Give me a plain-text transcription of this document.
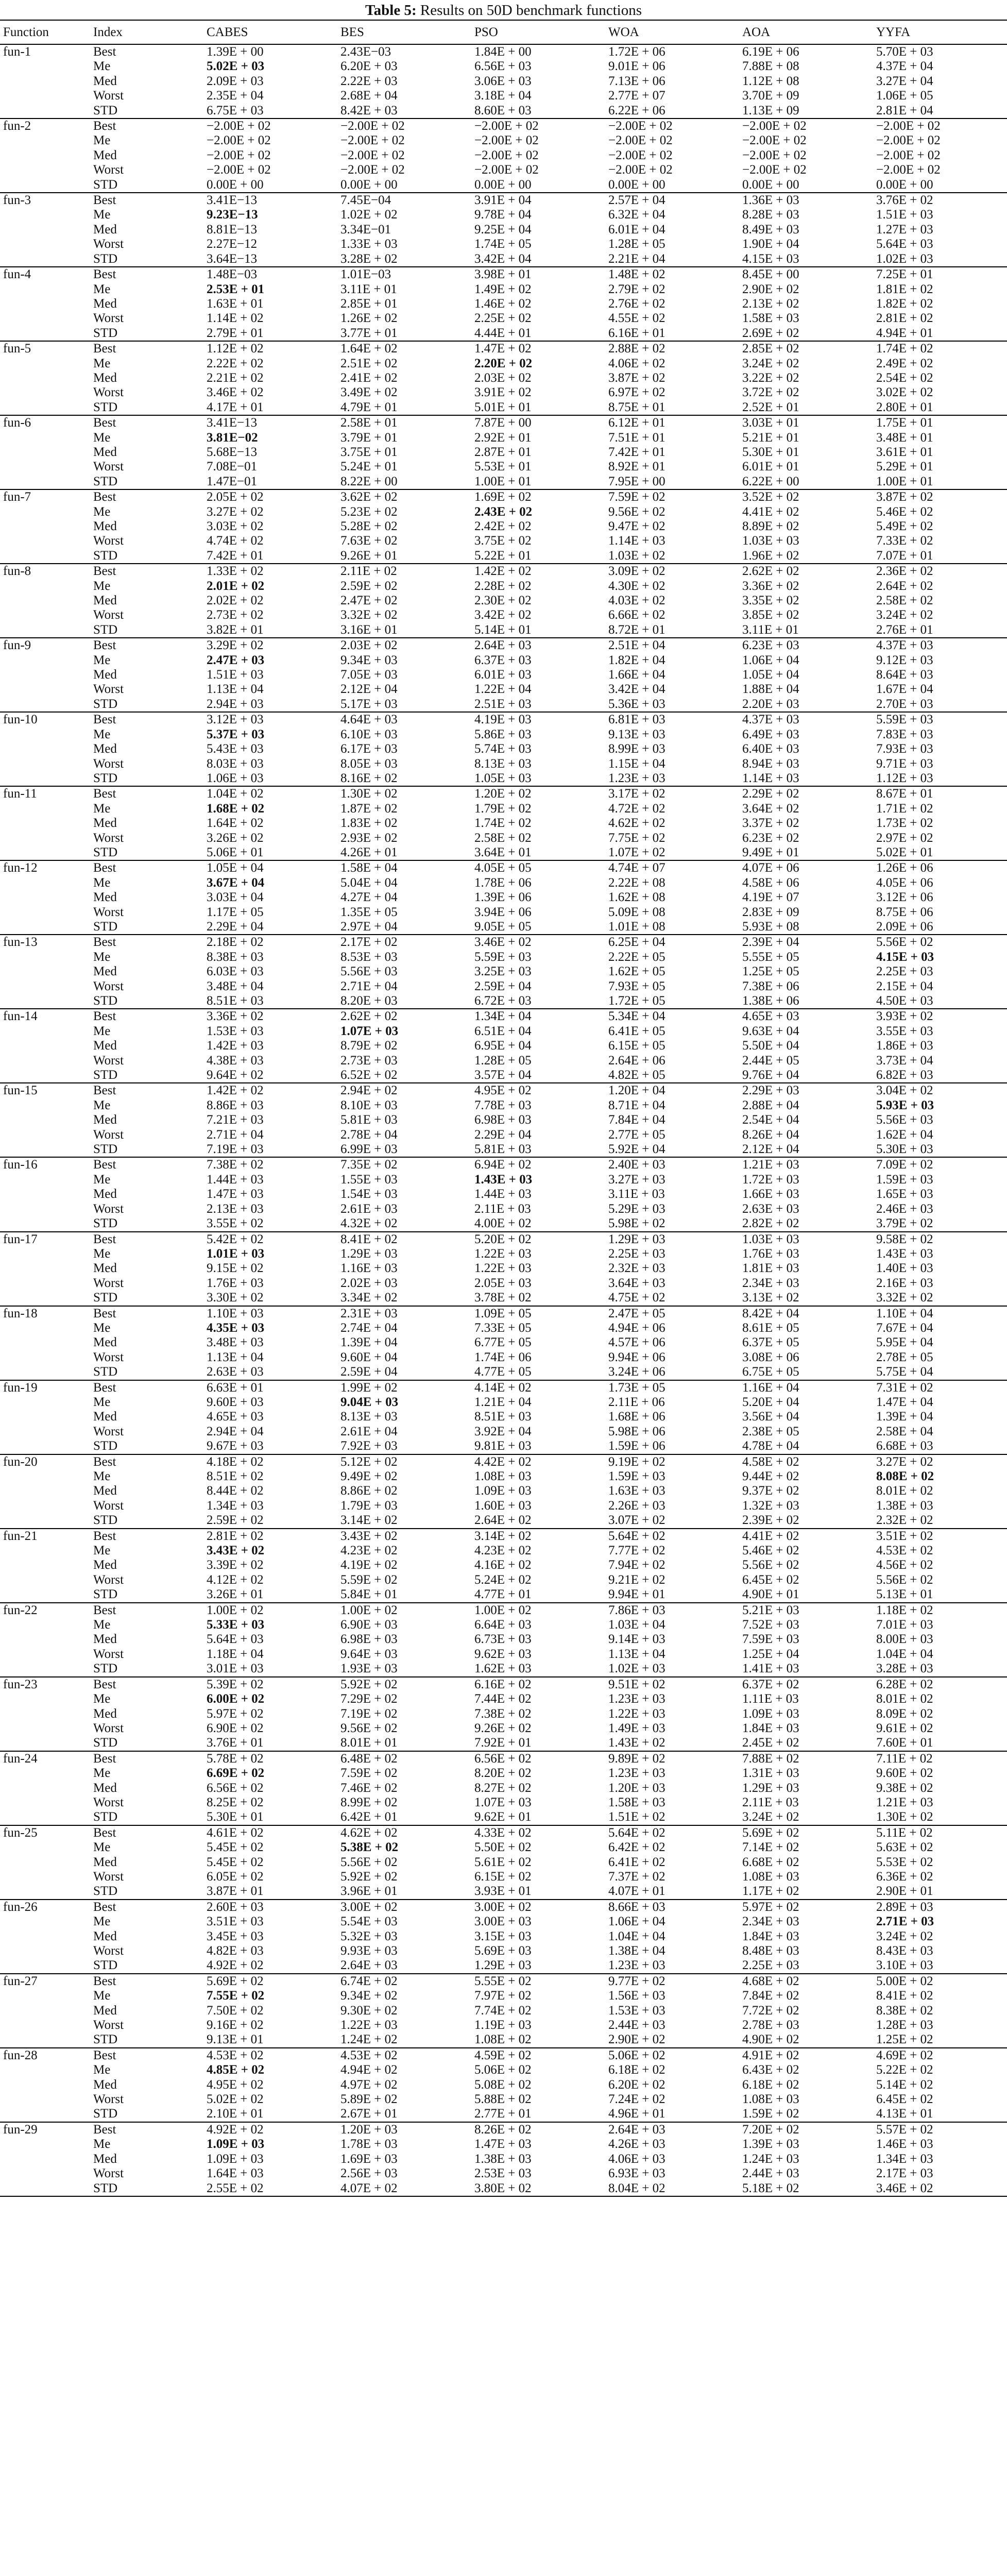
Table 5: Results on 50D benchmark functions
Function	Index	CABES	BES	PSO	WOA	AOA	YYFA
fun-1	Best	1.39E + 00	2.43E−03	1.84E + 00	1.72E + 06	6.19E + 06	5.70E + 03
	Me	5.02E + 03	6.20E + 03	6.56E + 03	9.01E + 06	7.88E + 08	4.37E + 04
	Med	2.09E + 03	2.22E + 03	3.06E + 03	7.13E + 06	1.12E + 08	3.27E + 04
	Worst	2.35E + 04	2.68E + 04	3.18E + 04	2.77E + 07	3.70E + 09	1.06E + 05
	STD	6.75E + 03	8.42E + 03	8.60E + 03	6.22E + 06	1.13E + 09	2.81E + 04
fun-2	Best	−2.00E + 02	−2.00E + 02	−2.00E + 02	−2.00E + 02	−2.00E + 02	−2.00E + 02
	Me	−2.00E + 02	−2.00E + 02	−2.00E + 02	−2.00E + 02	−2.00E + 02	−2.00E + 02
	Med	−2.00E + 02	−2.00E + 02	−2.00E + 02	−2.00E + 02	−2.00E + 02	−2.00E + 02
	Worst	−2.00E + 02	−2.00E + 02	−2.00E + 02	−2.00E + 02	−2.00E + 02	−2.00E + 02
	STD	0.00E + 00	0.00E + 00	0.00E + 00	0.00E + 00	0.00E + 00	0.00E + 00
fun-3	Best	3.41E−13	7.45E−04	3.91E + 04	2.57E + 04	1.36E + 03	3.76E + 02
	Me	9.23E−13	1.02E + 02	9.78E + 04	6.32E + 04	8.28E + 03	1.51E + 03
	Med	8.81E−13	3.34E−01	9.25E + 04	6.01E + 04	8.49E + 03	1.27E + 03
	Worst	2.27E−12	1.33E + 03	1.74E + 05	1.28E + 05	1.90E + 04	5.64E + 03
	STD	3.64E−13	3.28E + 02	3.42E + 04	2.21E + 04	4.15E + 03	1.02E + 03
fun-4	Best	1.48E−03	1.01E−03	3.98E + 01	1.48E + 02	8.45E + 00	7.25E + 01
	Me	2.53E + 01	3.11E + 01	1.49E + 02	2.79E + 02	2.90E + 02	1.81E + 02
	Med	1.63E + 01	2.85E + 01	1.46E + 02	2.76E + 02	2.13E + 02	1.82E + 02
	Worst	1.14E + 02	1.26E + 02	2.25E + 02	4.55E + 02	1.58E + 03	2.81E + 02
	STD	2.79E + 01	3.77E + 01	4.44E + 01	6.16E + 01	2.69E + 02	4.94E + 01
fun-5	Best	1.12E + 02	1.64E + 02	1.47E + 02	2.88E + 02	2.85E + 02	1.74E + 02
	Me	2.22E + 02	2.51E + 02	2.20E + 02	4.06E + 02	3.24E + 02	2.49E + 02
	Med	2.21E + 02	2.41E + 02	2.03E + 02	3.87E + 02	3.22E + 02	2.54E + 02
	Worst	3.46E + 02	3.49E + 02	3.91E + 02	6.97E + 02	3.72E + 02	3.02E + 02
	STD	4.17E + 01	4.79E + 01	5.01E + 01	8.75E + 01	2.52E + 01	2.80E + 01
fun-6	Best	3.41E−13	2.58E + 01	7.87E + 00	6.12E + 01	3.03E + 01	1.75E + 01
	Me	3.81E−02	3.79E + 01	2.92E + 01	7.51E + 01	5.21E + 01	3.48E + 01
	Med	5.68E−13	3.75E + 01	2.87E + 01	7.42E + 01	5.30E + 01	3.61E + 01
	Worst	7.08E−01	5.24E + 01	5.53E + 01	8.92E + 01	6.01E + 01	5.29E + 01
	STD	1.47E−01	8.22E + 00	1.00E + 01	7.95E + 00	6.22E + 00	1.00E + 01
fun-7	Best	2.05E + 02	3.62E + 02	1.69E + 02	7.59E + 02	3.52E + 02	3.87E + 02
	Me	3.27E + 02	5.23E + 02	2.43E + 02	9.56E + 02	4.41E + 02	5.46E + 02
	Med	3.03E + 02	5.28E + 02	2.42E + 02	9.47E + 02	8.89E + 02	5.49E + 02
	Worst	4.74E + 02	7.63E + 02	3.75E + 02	1.14E + 03	1.03E + 03	7.33E + 02
	STD	7.42E + 01	9.26E + 01	5.22E + 01	1.03E + 02	1.96E + 02	7.07E + 01
fun-8	Best	1.33E + 02	2.11E + 02	1.42E + 02	3.09E + 02	2.62E + 02	2.36E + 02
	Me	2.01E + 02	2.59E + 02	2.28E + 02	4.30E + 02	3.36E + 02	2.64E + 02
	Med	2.02E + 02	2.47E + 02	2.30E + 02	4.03E + 02	3.35E + 02	2.58E + 02
	Worst	2.73E + 02	3.32E + 02	3.42E + 02	6.66E + 02	3.85E + 02	3.24E + 02
	STD	3.82E + 01	3.16E + 01	5.14E + 01	8.72E + 01	3.11E + 01	2.76E + 01
fun-9	Best	3.29E + 02	2.03E + 02	2.64E + 03	2.51E + 04	6.23E + 03	4.37E + 03
	Me	2.47E + 03	9.34E + 03	6.37E + 03	1.82E + 04	1.06E + 04	9.12E + 03
	Med	1.51E + 03	7.05E + 03	6.01E + 03	1.66E + 04	1.05E + 04	8.64E + 03
	Worst	1.13E + 04	2.12E + 04	1.22E + 04	3.42E + 04	1.88E + 04	1.67E + 04
	STD	2.94E + 03	5.17E + 03	2.51E + 03	5.36E + 03	2.20E + 03	2.70E + 03
fun-10	Best	3.12E + 03	4.64E + 03	4.19E + 03	6.81E + 03	4.37E + 03	5.59E + 03
	Me	5.37E + 03	6.10E + 03	5.86E + 03	9.13E + 03	6.49E + 03	7.83E + 03
	Med	5.43E + 03	6.17E + 03	5.74E + 03	8.99E + 03	6.40E + 03	7.93E + 03
	Worst	8.03E + 03	8.05E + 03	8.13E + 03	1.15E + 04	8.94E + 03	9.71E + 03
	STD	1.06E + 03	8.16E + 02	1.05E + 03	1.23E + 03	1.14E + 03	1.12E + 03
fun-11	Best	1.04E + 02	1.30E + 02	1.20E + 02	3.17E + 02	2.29E + 02	8.67E + 01
	Me	1.68E + 02	1.87E + 02	1.79E + 02	4.72E + 02	3.64E + 02	1.71E + 02
	Med	1.64E + 02	1.83E + 02	1.74E + 02	4.62E + 02	3.37E + 02	1.73E + 02
	Worst	3.26E + 02	2.93E + 02	2.58E + 02	7.75E + 02	6.23E + 02	2.97E + 02
	STD	5.06E + 01	4.26E + 01	3.64E + 01	1.07E + 02	9.49E + 01	5.02E + 01
fun-12	Best	1.05E + 04	1.58E + 04	4.05E + 05	4.74E + 07	4.07E + 06	1.26E + 06
	Me	3.67E + 04	5.04E + 04	1.78E + 06	2.22E + 08	4.58E + 06	4.05E + 06
	Med	3.03E + 04	4.27E + 04	1.39E + 06	1.62E + 08	4.19E + 07	3.12E + 06
	Worst	1.17E + 05	1.35E + 05	3.94E + 06	5.09E + 08	2.83E + 09	8.75E + 06
	STD	2.29E + 04	2.97E + 04	9.05E + 05	1.01E + 08	5.93E + 08	2.09E + 06
fun-13	Best	2.18E + 02	2.17E + 02	3.46E + 02	6.25E + 04	2.39E + 04	5.56E + 02
	Me	8.38E + 03	8.53E + 03	5.59E + 03	2.22E + 05	5.55E + 05	4.15E + 03
	Med	6.03E + 03	5.56E + 03	3.25E + 03	1.62E + 05	1.25E + 05	2.25E + 03
	Worst	3.48E + 04	2.71E + 04	2.59E + 04	7.93E + 05	7.38E + 06	2.15E + 04
	STD	8.51E + 03	8.20E + 03	6.72E + 03	1.72E + 05	1.38E + 06	4.50E + 03
fun-14	Best	3.36E + 02	2.62E + 02	1.34E + 04	5.34E + 04	4.65E + 03	3.93E + 02
	Me	1.53E + 03	1.07E + 03	6.51E + 04	6.41E + 05	9.63E + 04	3.55E + 03
	Med	1.42E + 03	8.79E + 02	6.95E + 04	6.15E + 05	5.50E + 04	1.86E + 03
	Worst	4.38E + 03	2.73E + 03	1.28E + 05	2.64E + 06	2.44E + 05	3.73E + 04
	STD	9.64E + 02	6.52E + 02	3.57E + 04	4.82E + 05	9.76E + 04	6.82E + 03
fun-15	Best	1.42E + 02	2.94E + 02	4.95E + 02	1.20E + 04	2.29E + 03	3.04E + 02
	Me	8.86E + 03	8.10E + 03	7.78E + 03	8.71E + 04	2.88E + 04	5.93E + 03
	Med	7.21E + 03	5.81E + 03	6.98E + 03	7.84E + 04	2.54E + 04	5.56E + 03
	Worst	2.71E + 04	2.78E + 04	2.29E + 04	2.77E + 05	8.26E + 04	1.62E + 04
	STD	7.19E + 03	6.99E + 03	5.81E + 03	5.92E + 04	2.12E + 04	5.30E + 03
fun-16	Best	7.38E + 02	7.35E + 02	6.94E + 02	2.40E + 03	1.21E + 03	7.09E + 02
	Me	1.44E + 03	1.55E + 03	1.43E + 03	3.27E + 03	1.72E + 03	1.59E + 03
	Med	1.47E + 03	1.54E + 03	1.44E + 03	3.11E + 03	1.66E + 03	1.65E + 03
	Worst	2.13E + 03	2.61E + 03	2.11E + 03	5.29E + 03	2.63E + 03	2.46E + 03
	STD	3.55E + 02	4.32E + 02	4.00E + 02	5.98E + 02	2.82E + 02	3.79E + 02
fun-17	Best	5.42E + 02	8.41E + 02	5.20E + 02	1.29E + 03	1.03E + 03	9.58E + 02
	Me	1.01E + 03	1.29E + 03	1.22E + 03	2.25E + 03	1.76E + 03	1.43E + 03
	Med	9.15E + 02	1.16E + 03	1.22E + 03	2.32E + 03	1.81E + 03	1.40E + 03
	Worst	1.76E + 03	2.02E + 03	2.05E + 03	3.64E + 03	2.34E + 03	2.16E + 03
	STD	3.30E + 02	3.34E + 02	3.78E + 02	4.75E + 02	3.13E + 02	3.32E + 02
fun-18	Best	1.10E + 03	2.31E + 03	1.09E + 05	2.47E + 05	8.42E + 04	1.10E + 04
	Me	4.35E + 03	2.74E + 04	7.33E + 05	4.94E + 06	8.61E + 05	7.67E + 04
	Med	3.48E + 03	1.39E + 04	6.77E + 05	4.57E + 06	6.37E + 05	5.95E + 04
	Worst	1.13E + 04	9.60E + 04	1.74E + 06	9.94E + 06	3.08E + 06	2.78E + 05
	STD	2.63E + 03	2.59E + 04	4.77E + 05	3.24E + 06	6.75E + 05	5.75E + 04
fun-19	Best	6.63E + 01	1.99E + 02	4.14E + 02	1.73E + 05	1.16E + 04	7.31E + 02
	Me	9.60E + 03	9.04E + 03	1.21E + 04	2.11E + 06	5.20E + 04	1.47E + 04
	Med	4.65E + 03	8.13E + 03	8.51E + 03	1.68E + 06	3.56E + 04	1.39E + 04
	Worst	2.94E + 04	2.61E + 04	3.92E + 04	5.98E + 06	2.38E + 05	2.58E + 04
	STD	9.67E + 03	7.92E + 03	9.81E + 03	1.59E + 06	4.78E + 04	6.68E + 03
fun-20	Best	4.18E + 02	5.12E + 02	4.42E + 02	9.19E + 02	4.58E + 02	3.27E + 02
	Me	8.51E + 02	9.49E + 02	1.08E + 03	1.59E + 03	9.44E + 02	8.08E + 02
	Med	8.44E + 02	8.86E + 02	1.09E + 03	1.63E + 03	9.37E + 02	8.01E + 02
	Worst	1.34E + 03	1.79E + 03	1.60E + 03	2.26E + 03	1.32E + 03	1.38E + 03
	STD	2.59E + 02	3.14E + 02	2.64E + 02	3.07E + 02	2.39E + 02	2.32E + 02
fun-21	Best	2.81E + 02	3.43E + 02	3.14E + 02	5.64E + 02	4.41E + 02	3.51E + 02
	Me	3.43E + 02	4.23E + 02	4.23E + 02	7.77E + 02	5.46E + 02	4.53E + 02
	Med	3.39E + 02	4.19E + 02	4.16E + 02	7.94E + 02	5.56E + 02	4.56E + 02
	Worst	4.12E + 02	5.59E + 02	5.24E + 02	9.21E + 02	6.45E + 02	5.56E + 02
	STD	3.26E + 01	5.84E + 01	4.77E + 01	9.94E + 01	4.90E + 01	5.13E + 01
fun-22	Best	1.00E + 02	1.00E + 02	1.00E + 02	7.86E + 03	5.21E + 03	1.18E + 02
	Me	5.33E + 03	6.90E + 03	6.64E + 03	1.03E + 04	7.52E + 03	7.01E + 03
	Med	5.64E + 03	6.98E + 03	6.73E + 03	9.14E + 03	7.59E + 03	8.00E + 03
	Worst	1.18E + 04	9.64E + 03	9.62E + 03	1.13E + 04	1.25E + 04	1.04E + 04
	STD	3.01E + 03	1.93E + 03	1.62E + 03	1.02E + 03	1.41E + 03	3.28E + 03
fun-23	Best	5.39E + 02	5.92E + 02	6.16E + 02	9.51E + 02	6.37E + 02	6.28E + 02
	Me	6.00E + 02	7.29E + 02	7.44E + 02	1.23E + 03	1.11E + 03	8.01E + 02
	Med	5.97E + 02	7.19E + 02	7.38E + 02	1.22E + 03	1.09E + 03	8.09E + 02
	Worst	6.90E + 02	9.56E + 02	9.26E + 02	1.49E + 03	1.84E + 03	9.61E + 02
	STD	3.76E + 01	8.01E + 01	7.92E + 01	1.43E + 02	2.45E + 02	7.60E + 01
fun-24	Best	5.78E + 02	6.48E + 02	6.56E + 02	9.89E + 02	7.88E + 02	7.11E + 02
	Me	6.69E + 02	7.59E + 02	8.20E + 02	1.23E + 03	1.31E + 03	9.60E + 02
	Med	6.56E + 02	7.46E + 02	8.27E + 02	1.20E + 03	1.29E + 03	9.38E + 02
	Worst	8.25E + 02	8.99E + 02	1.07E + 03	1.58E + 03	2.11E + 03	1.21E + 03
	STD	5.30E + 01	6.42E + 01	9.62E + 01	1.51E + 02	3.24E + 02	1.30E + 02
fun-25	Best	4.61E + 02	4.62E + 02	4.33E + 02	5.64E + 02	5.69E + 02	5.11E + 02
	Me	5.45E + 02	5.38E + 02	5.50E + 02	6.42E + 02	7.14E + 02	5.63E + 02
	Med	5.45E + 02	5.56E + 02	5.61E + 02	6.41E + 02	6.68E + 02	5.53E + 02
	Worst	6.05E + 02	5.92E + 02	6.15E + 02	7.37E + 02	1.08E + 03	6.36E + 02
	STD	3.87E + 01	3.96E + 01	3.93E + 01	4.07E + 01	1.17E + 02	2.90E + 01
fun-26	Best	2.60E + 03	3.00E + 02	3.00E + 02	8.66E + 03	5.97E + 02	2.89E + 03
	Me	3.51E + 03	5.54E + 03	3.00E + 03	1.06E + 04	2.34E + 03	2.71E + 03
	Med	3.45E + 03	5.32E + 03	3.15E + 03	1.04E + 04	1.84E + 03	3.24E + 02
	Worst	4.82E + 03	9.93E + 03	5.69E + 03	1.38E + 04	8.48E + 03	8.43E + 03
	STD	4.92E + 02	2.64E + 03	1.29E + 03	1.23E + 03	2.25E + 03	3.10E + 03
fun-27	Best	5.69E + 02	6.74E + 02	5.55E + 02	9.77E + 02	4.68E + 02	5.00E + 02
	Me	7.55E + 02	9.34E + 02	7.97E + 02	1.56E + 03	7.84E + 02	8.41E + 02
	Med	7.50E + 02	9.30E + 02	7.74E + 02	1.53E + 03	7.72E + 02	8.38E + 02
	Worst	9.16E + 02	1.22E + 03	1.19E + 03	2.44E + 03	2.78E + 03	1.28E + 03
	STD	9.13E + 01	1.24E + 02	1.08E + 02	2.90E + 02	4.90E + 02	1.25E + 02
fun-28	Best	4.53E + 02	4.53E + 02	4.59E + 02	5.06E + 02	4.91E + 02	4.69E + 02
	Me	4.85E + 02	4.94E + 02	5.06E + 02	6.18E + 02	6.43E + 02	5.22E + 02
	Med	4.95E + 02	4.97E + 02	5.08E + 02	6.20E + 02	6.18E + 02	5.14E + 02
	Worst	5.02E + 02	5.89E + 02	5.88E + 02	7.24E + 02	1.08E + 03	6.45E + 02
	STD	2.10E + 01	2.67E + 01	2.77E + 01	4.96E + 01	1.59E + 02	4.13E + 01
fun-29	Best	4.92E + 02	1.20E + 03	8.26E + 02	2.64E + 03	7.20E + 02	5.57E + 02
	Me	1.09E + 03	1.78E + 03	1.47E + 03	4.26E + 03	1.39E + 03	1.46E + 03
	Med	1.09E + 03	1.69E + 03	1.38E + 03	4.06E + 03	1.24E + 03	1.34E + 03
	Worst	1.64E + 03	2.56E + 03	2.53E + 03	6.93E + 03	2.44E + 03	2.17E + 03
	STD	2.55E + 02	4.07E + 02	3.80E + 02	8.04E + 02	5.18E + 02	3.46E + 02
